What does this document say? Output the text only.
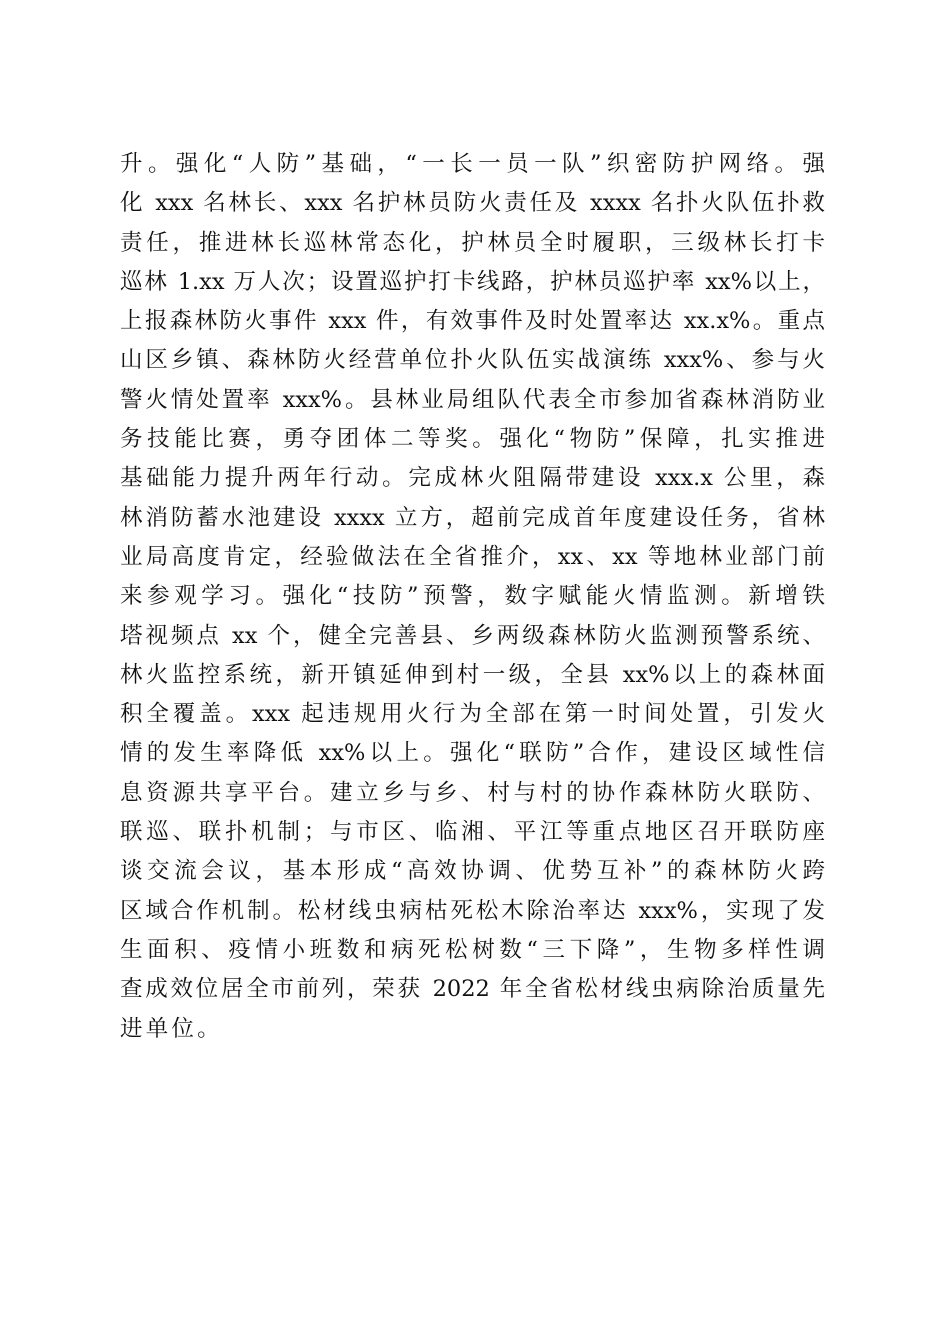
升。强化“人防”基础，“一长一员一队”织密防护网络。强
化 xxx 名林长、xxx 名护林员防火责任及 xxxx 名扑火队伍扑救
责任，推进林长巡林常态化，护林员全时履职，三级林长打卡
巡林 1.xx 万人次；设置巡护打卡线路，护林员巡护率 xx%以上，
上报森林防火事件 xxx 件，有效事件及时处置率达 xx.x%。重点
山区乡镇、森林防火经营单位扑火队伍实战演练 xxx%、参与火
警火情处置率 xxx%。县林业局组队代表全市参加省森林消防业
务技能比赛，勇夺团体二等奖。强化“物防”保障，扎实推进
基础能力提升两年行动。完成林火阻隔带建设 xxx.x 公里，森
林消防蓄水池建设 xxxx 立方，超前完成首年度建设任务，省林
业局高度肯定，经验做法在全省推介，xx、xx 等地林业部门前
来参观学习。强化“技防”预警，数字赋能火情监测。新增铁
塔视频点 xx 个，健全完善县、乡两级森林防火监测预警系统、
林火监控系统，新开镇延伸到村一级，全县 xx%以上的森林面
积全覆盖。xxx 起违规用火行为全部在第一时间处置，引发火
情的发生率降低 xx%以上。强化“联防”合作，建设区域性信
息资源共享平台。建立乡与乡、村与村的协作森林防火联防、
联巡、联扑机制；与市区、临湘、平江等重点地区召开联防座
谈交流会议，基本形成“高效协调、优势互补”的森林防火跨
区域合作机制。松材线虫病枯死松木除治率达 xxx%，实现了发
生面积、疫情小班数和病死松树数“三下降”，生物多样性调
查成效位居全市前列，荣获 2022 年全省松材线虫病除治质量先
进单位。
